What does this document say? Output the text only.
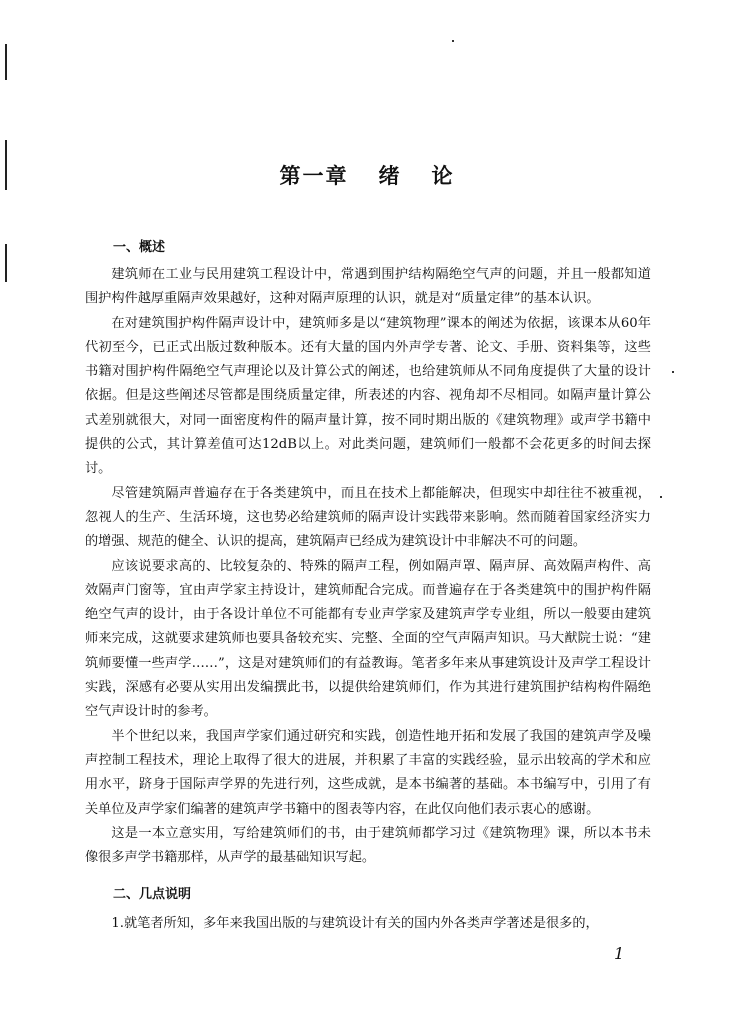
第一章 绪 论
一、概述

建筑师在工业与民用建筑工程设计中，常遇到围护结构隔绝空气声的问题，并且一般都知道围护构件越厚重隔声效果越好，这种对隔声原理的认识，就是对“质量定律”的基本认识。

在对建筑围护构件隔声设计中，建筑师多是以“建筑物理”课本的阐述为依据，该课本从60年代初至今，已正式出版过数种版本。还有大量的国内外声学专著、论文、手册、资料集等，这些书籍对围护构件隔绝空气声理论以及计算公式的阐述，也给建筑师从不同角度提供了大量的设计依据。但是这些阐述尽管都是围绕质量定律，所表述的内容、视角却不尽相同。如隔声量计算公式差别就很大，对同一面密度构件的隔声量计算，按不同时期出版的《建筑物理》或声学书籍中提供的公式，其计算差值可达12dB以上。对此类问题，建筑师们一般都不会花更多的时间去探讨。

尽管建筑隔声普遍存在于各类建筑中，而且在技术上都能解决，但现实中却往往不被重视，忽视人的生产、生活环境，这也势必给建筑师的隔声设计实践带来影响。然而随着国家经济实力的增强、规范的健全、认识的提高，建筑隔声已经成为建筑设计中非解决不可的问题。

应该说要求高的、比较复杂的、特殊的隔声工程，例如隔声罩、隔声屏、高效隔声构件、高效隔声门窗等，宜由声学家主持设计，建筑师配合完成。而普遍存在于各类建筑中的围护构件隔绝空气声的设计，由于各设计单位不可能都有专业声学家及建筑声学专业组，所以一般要由建筑师来完成，这就要求建筑师也要具备较充实、完整、全面的空气声隔声知识。马大猷院士说：“建筑师要懂一些声学……”，这是对建筑师们的有益教诲。笔者多年来从事建筑设计及声学工程设计实践，深感有必要从实用出发编撰此书，以提供给建筑师们，作为其进行建筑围护结构构件隔绝空气声设计时的参考。

半个世纪以来，我国声学家们通过研究和实践，创造性地开拓和发展了我国的建筑声学及噪声控制工程技术，理论上取得了很大的进展，并积累了丰富的实践经验，显示出较高的学术和应用水平，跻身于国际声学界的先进行列，这些成就，是本书编著的基础。本书编写中，引用了有关单位及声学家们编著的建筑声学书籍中的图表等内容，在此仅向他们表示衷心的感谢。

这是一本立意实用，写给建筑师们的书，由于建筑师都学习过《建筑物理》课，所以本书未像很多声学书籍那样，从声学的最基础知识写起。

二、几点说明

1.就笔者所知，多年来我国出版的与建筑设计有关的国内外各类声学著述是很多的，

1
